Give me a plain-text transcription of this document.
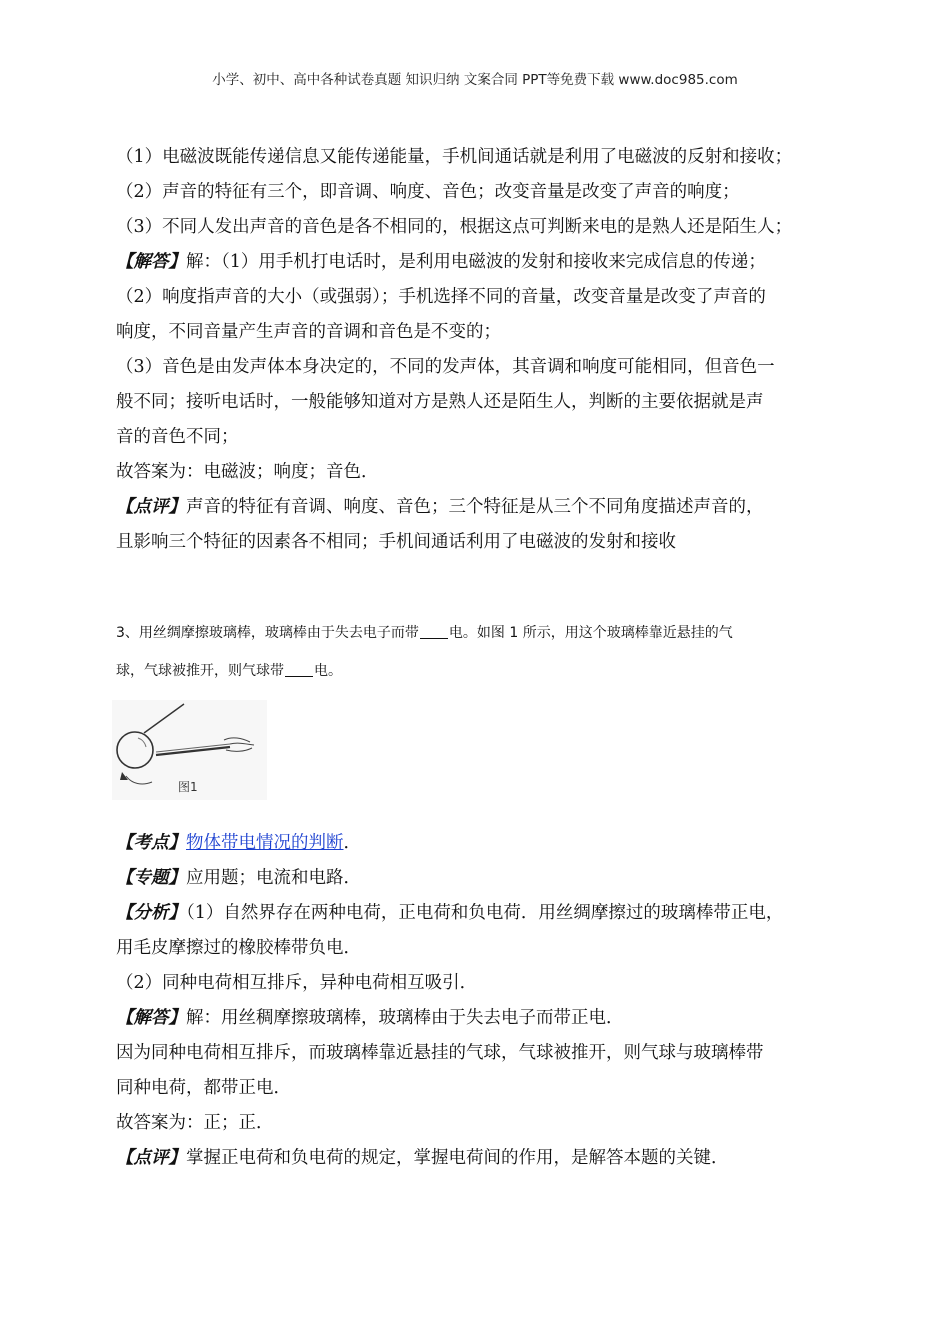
小学、初中、高中各种试卷真题 知识归纳 文案合同 PPT等免费下载 www.doc985.com
（1）电磁波既能传递信息又能传递能量，手机间通话就是利用了电磁波的反射和接收；
（2）声音的特征有三个，即音调、响度、音色；改变音量是改变了声音的响度；
（3）不同人发出声音的音色是各不相同的，根据这点可判断来电的是熟人还是陌生人；
【解答】解：（1）用手机打电话时，是利用电磁波的发射和接收来完成信息的传递；
（2）响度指声音的大小（或强弱）；手机选择不同的音量，改变音量是改变了声音的
响度，不同音量产生声音的音调和音色是不变的；
（3）音色是由发声体本身决定的，不同的发声体，其音调和响度可能相同，但音色一
般不同；接听电话时，一般能够知道对方是熟人还是陌生人，判断的主要依据就是声
音的音色不同；
故答案为：电磁波；响度；音色．
【点评】声音的特征有音调、响度、音色；三个特征是从三个不同角度描述声音的，
且影响三个特征的因素各不相同；手机间通话利用了电磁波的发射和接收
3、用丝绸摩擦玻璃棒，玻璃棒由于失去电子而带 电。如图 1 所示，用这个玻璃棒靠近悬挂的气
球，气球被推开，则气球带 电。
图1
【考点】物体带电情况的判断．
【专题】应用题；电流和电路．
【分析】（1）自然界存在两种电荷，正电荷和负电荷．用丝绸摩擦过的玻璃棒带正电，
用毛皮摩擦过的橡胶棒带负电．
（2）同种电荷相互排斥，异种电荷相互吸引．
【解答】解：用丝稠摩擦玻璃棒，玻璃棒由于失去电子而带正电．
因为同种电荷相互排斥，而玻璃棒靠近悬挂的气球，气球被推开，则气球与玻璃棒带
同种电荷，都带正电．
故答案为：正；正．
【点评】掌握正电荷和负电荷的规定，掌握电荷间的作用，是解答本题的关键．
